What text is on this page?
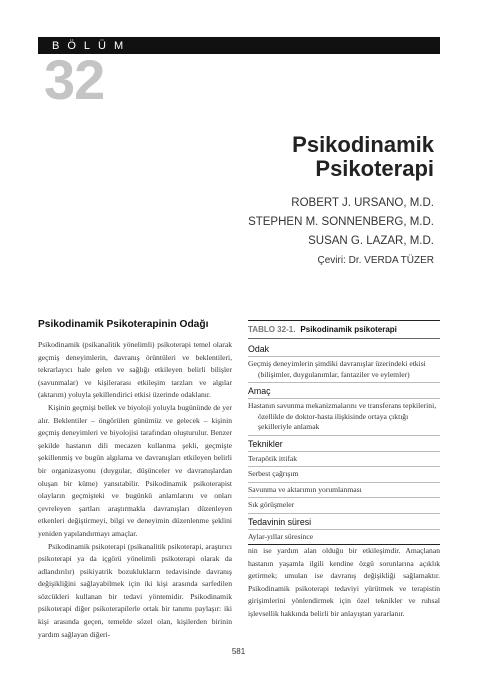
BÖLÜM
32
Psikodinamik
Psikoterapi
ROBERT J. URSANO, M.D.
STEPHEN M. SONNENBERG, M.D.
SUSAN G. LAZAR, M.D.
Çeviri: Dr. VERDA TÜZER
Psikodinamik Psikoterapinin Odağı

Psikodinamik (psikanalitik yönelimli) psikoterapi temel olarak geçmiş deneyimlerin, davranış örüntüleri ve beklentileri, tekrarlayıcı hale gelen ve sağlığı etkileyen belirli bilişler (savunmalar) ve kişilerarası etkileşim tarzları ve algılar (aktarım) yoluyla şekillendirici etkisi üzerinde odaklanır.

Kişinin geçmişi bellek ve biyoloji yoluyla bugününde de yer alır. Beklentiler – öngörülen günümüz ve gelecek – kişinin geçmiş deneyimleri ve biyolojisi tarafından oluşturulur. Benzer şekilde hastanın dili mecazen kullanma şekli, geçmişte şekillenmiş ve bugün algılama ve davranışları etkileyen belirli bir organizasyonu (duygular, düşünceler ve davranışlardan oluşan bir küme) yansıtabilir. Psikodinamik psikoterapist olayların geçmişteki ve bugünkü anlamlarını ve onları çevreleyen şartları araştırmakla davranışları düzenleyen etkenleri değiştirmeyi, bilgi ve deneyimin düzenlenme şeklini yeniden yapılandırmayı amaçlar.

Psikodinamik psikoterapi (psikanalitik psikoterapi, araştırıcı psikoterapi ya da içgörü yönelimli psikoterapi olarak da adlandırılır) psikiyatrik bozuklukların tedavisinde davranış değişikliğini sağlayabilmek için iki kişi arasında sarfedilen sözcükleri kullanan bir tedavi yöntemidir. Psikodinamik psikoterapi diğer psikoterapilerle ortak bir tanımı paylaşır: iki kişi arasında geçen, temelde sözel olan, kişilerden birinin yardım sağlayan diğeri-

TABLO 32-1. Psikodinamik psikoterapi
Odak
Geçmiş deneyimlerin şimdiki davranışlar üzerindeki etkisi (bilişimler, duygulanımlar, fantaziler ve eylemler)
Amaç
Hastanın savunma mekanizmalarını ve transferans tepkilerini, özellikle de doktor-hasta ilişkisinde ortaya çıktığı şekilleriyle anlamak
Teknikler
Terapötik ittifak
Serbest çağrışım
Savunma ve aktarımın yorumlanması
Sık görüşmeler
Tedavinin süresi
Aylar-yıllar süresince

nin ise yardım alan olduğu bir etkileşimdir. Amaçlanan hastanın yaşamla ilgili kendine özgü sorunlarına açıklık getirmek; umulan ise davranış değişikliği sağlamaktır. Psikodinamik psikoterapi tedaviyi yürütmek ve terapistin girişimlerini yönlendirmek için özel teknikler ve ruhsal işlevsellik hakkında belirli bir anlayıştan yararlanır.

581
